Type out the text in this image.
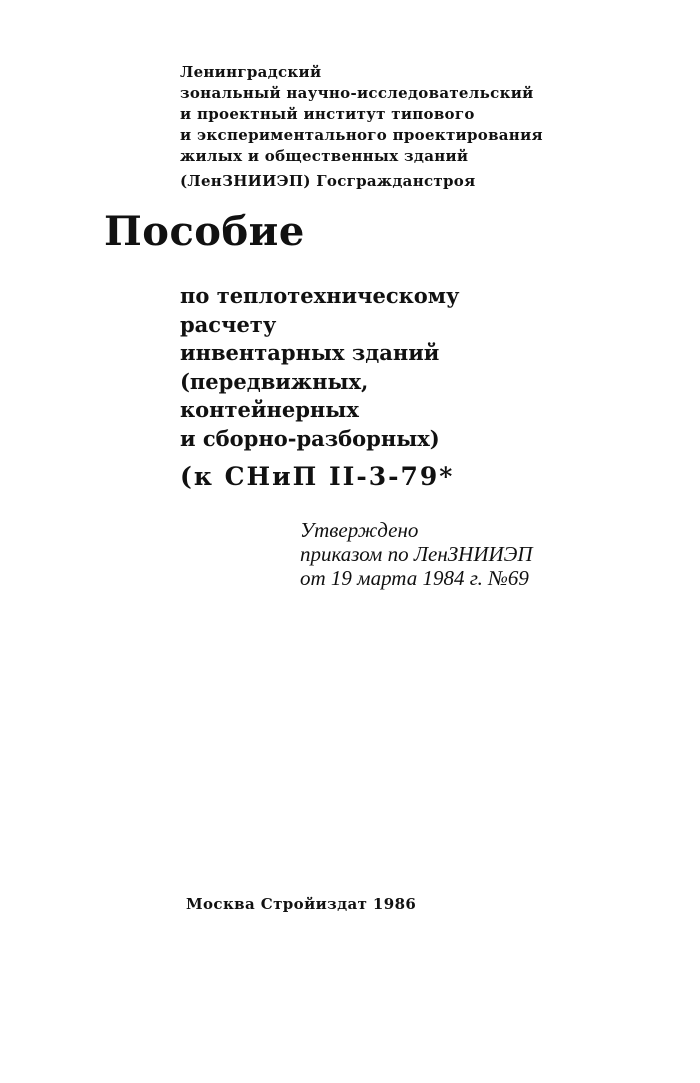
Ленинградский
зональный научно-исследовательский
и проектный институт типового
и экспериментального проектирования
жилых и общественных зданий
(ЛенЗНИИЭП) Госгражданстроя
Пособие
по теплотехническому
расчету
инвентарных зданий
(передвижных,
контейнерных
и сборно-разборных)
(к СНиП II-3-79*
Утверждено
приказом по ЛенЗНИИЭП
от 19 марта 1984 г. №69
Москва Стройиздат 1986
